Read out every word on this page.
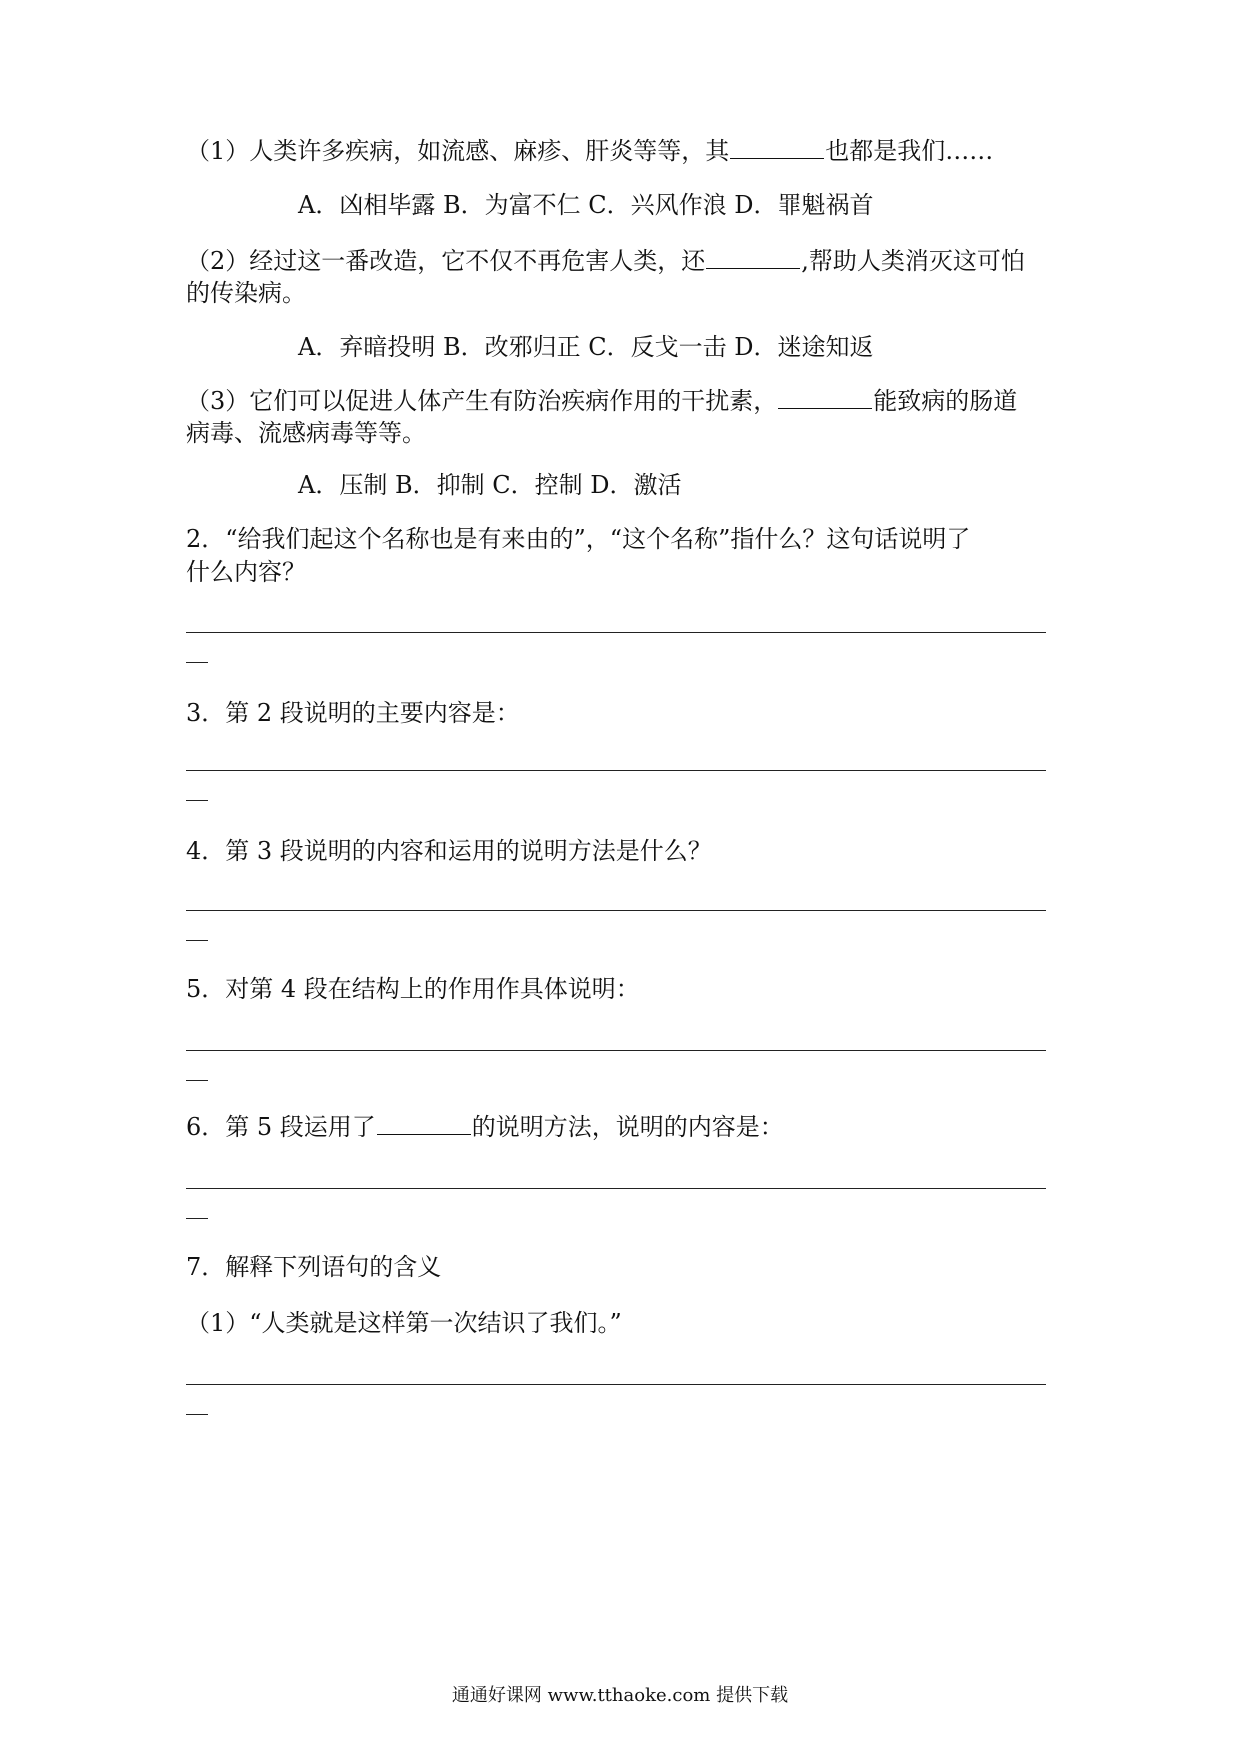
（1）人类许多疾病，如流感、麻疹、肝炎等等，其	也都是我们……

A．凶相毕露 B．为富不仁 C．兴风作浪 D．罪魁祸首

（2）经过这一番改造，它不仅不再危害人类，还	,帮助人类消灭这可怕

的传染病。

A．弃暗投明 B．改邪归正 C．反戈一击 D．迷途知返

（3）它们可以促进人体产生有防治疾病作用的干扰素，	能致病的肠道

病毒、流感病毒等等。

A．压制 B．抑制 C．控制 D．激活

2．“给我们起这个名称也是有来由的”，“这个名称”指什么？这句话说明了

什么内容？

3．第 2 段说明的主要内容是：

4．第 3 段说明的内容和运用的说明方法是什么？

5．对第 4 段在结构上的作用作具体说明：

6．第 5 段运用了	的说明方法，说明的内容是：

7．解释下列语句的含义

（1）“人类就是这样第一次结识了我们。”

通通好课网 www.tthaoke.com 提供下载
